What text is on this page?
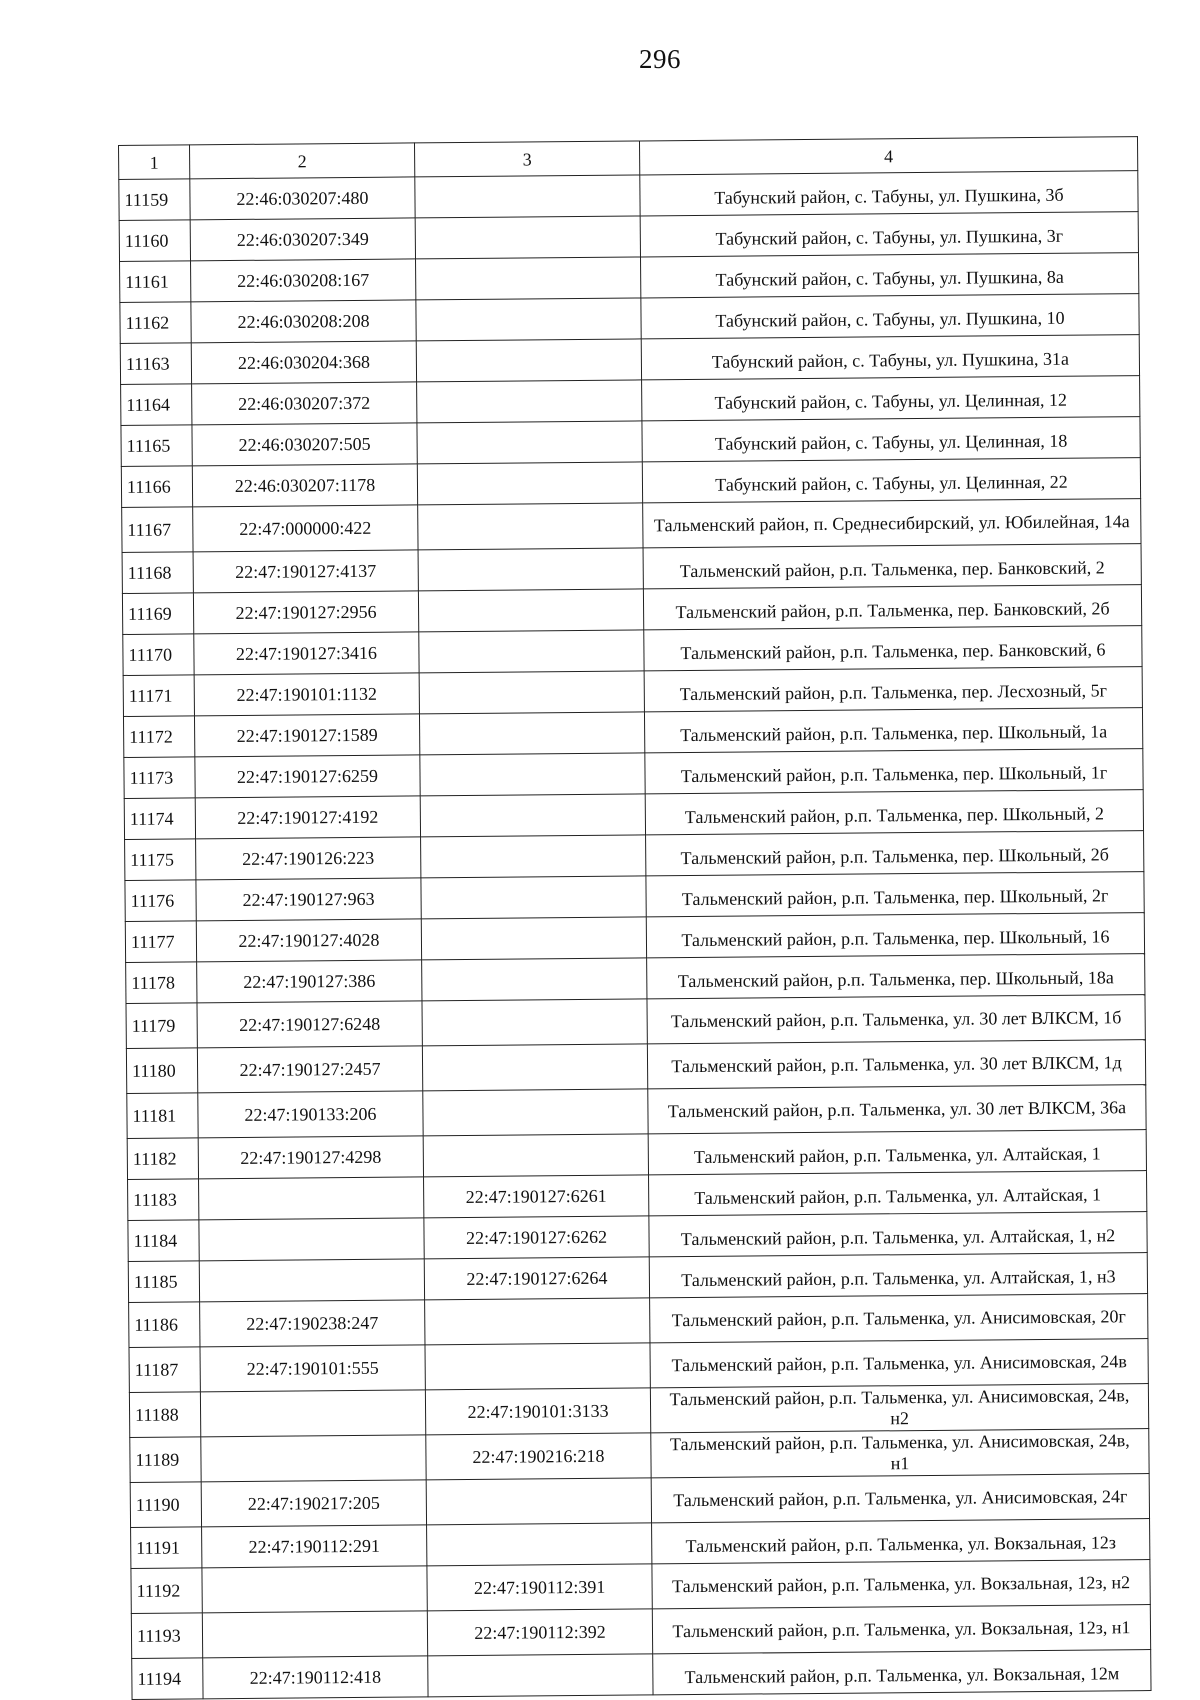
296
1	2	3	4
11159	22:46:030207:480		Табунский район, с. Табуны, ул. Пушкина, 3б
11160	22:46:030207:349		Табунский район, с. Табуны, ул. Пушкина, 3г
11161	22:46:030208:167		Табунский район, с. Табуны, ул. Пушкина, 8а
11162	22:46:030208:208		Табунский район, с. Табуны, ул. Пушкина, 10
11163	22:46:030204:368		Табунский район, с. Табуны, ул. Пушкина, 31а
11164	22:46:030207:372		Табунский район, с. Табуны, ул. Целинная, 12
11165	22:46:030207:505		Табунский район, с. Табуны, ул. Целинная, 18
11166	22:46:030207:1178		Табунский район, с. Табуны, ул. Целинная, 22
11167	22:47:000000:422		Тальменский район, п. Среднесибирский, ул. Юбилейная, 14а
11168	22:47:190127:4137		Тальменский район, р.п. Тальменка, пер. Банковский, 2
11169	22:47:190127:2956		Тальменский район, р.п. Тальменка, пер. Банковский, 2б
11170	22:47:190127:3416		Тальменский район, р.п. Тальменка, пер. Банковский, 6
11171	22:47:190101:1132		Тальменский район, р.п. Тальменка, пер. Лесхозный, 5г
11172	22:47:190127:1589		Тальменский район, р.п. Тальменка, пер. Школьный, 1а
11173	22:47:190127:6259		Тальменский район, р.п. Тальменка, пер. Школьный, 1г
11174	22:47:190127:4192		Тальменский район, р.п. Тальменка, пер. Школьный, 2
11175	22:47:190126:223		Тальменский район, р.п. Тальменка, пер. Школьный, 2б
11176	22:47:190127:963		Тальменский район, р.п. Тальменка, пер. Школьный, 2г
11177	22:47:190127:4028		Тальменский район, р.п. Тальменка, пер. Школьный, 16
11178	22:47:190127:386		Тальменский район, р.п. Тальменка, пер. Школьный, 18а
11179	22:47:190127:6248		Тальменский район, р.п. Тальменка, ул. 30 лет ВЛКСМ, 1б
11180	22:47:190127:2457		Тальменский район, р.п. Тальменка, ул. 30 лет ВЛКСМ, 1д
11181	22:47:190133:206		Тальменский район, р.п. Тальменка, ул. 30 лет ВЛКСМ, 36а
11182	22:47:190127:4298		Тальменский район, р.п. Тальменка, ул. Алтайская, 1
11183		22:47:190127:6261	Тальменский район, р.п. Тальменка, ул. Алтайская, 1
11184		22:47:190127:6262	Тальменский район, р.п. Тальменка, ул. Алтайская, 1, н2
11185		22:47:190127:6264	Тальменский район, р.п. Тальменка, ул. Алтайская, 1, н3
11186	22:47:190238:247		Тальменский район, р.п. Тальменка, ул. Анисимовская, 20г
11187	22:47:190101:555		Тальменский район, р.п. Тальменка, ул. Анисимовская, 24в
11188		22:47:190101:3133	Тальменский район, р.п. Тальменка, ул. Анисимовская, 24в, н2
11189		22:47:190216:218	Тальменский район, р.п. Тальменка, ул. Анисимовская, 24в, н1
11190	22:47:190217:205		Тальменский район, р.п. Тальменка, ул. Анисимовская, 24г
11191	22:47:190112:291		Тальменский район, р.п. Тальменка, ул. Вокзальная, 12з
11192		22:47:190112:391	Тальменский район, р.п. Тальменка, ул. Вокзальная, 12з, н2
11193		22:47:190112:392	Тальменский район, р.п. Тальменка, ул. Вокзальная, 12з, н1
11194	22:47:190112:418		Тальменский район, р.п. Тальменка, ул. Вокзальная, 12м
